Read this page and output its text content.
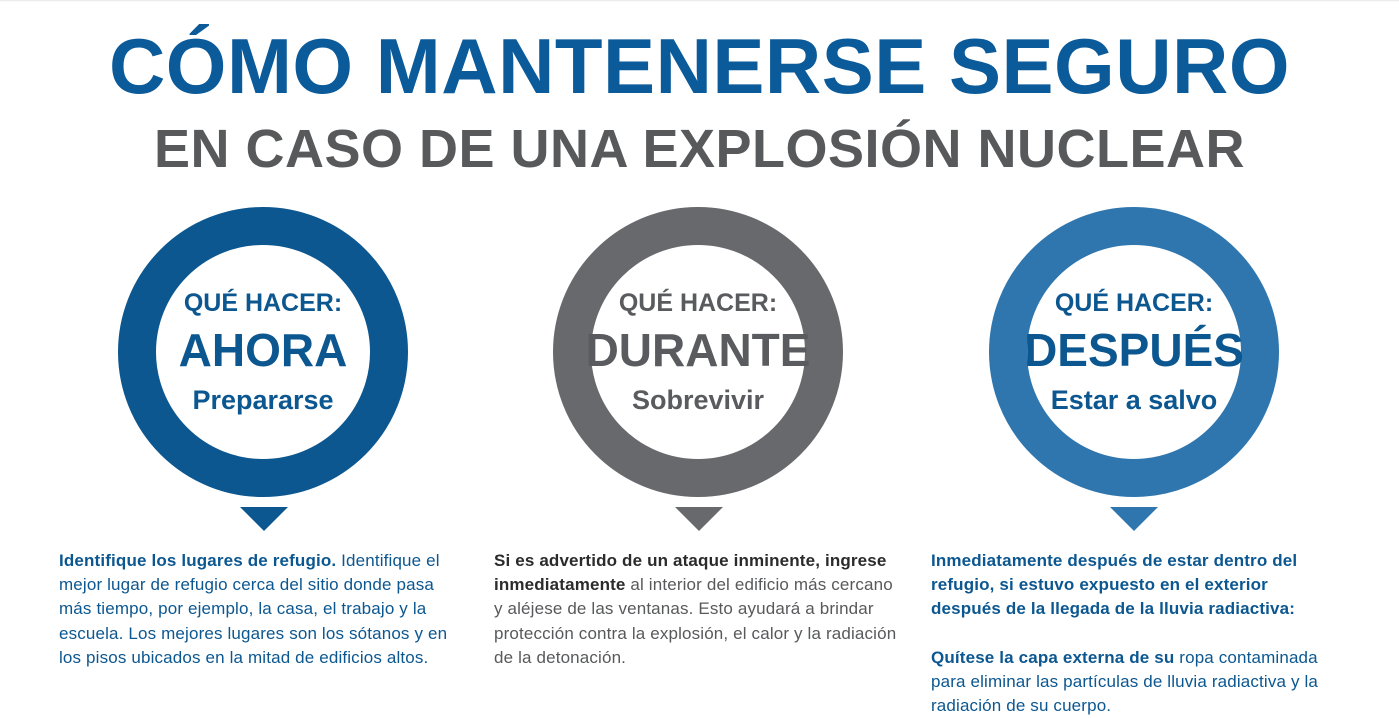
CÓMO MANTENERSE SEGURO
EN CASO DE UNA EXPLOSIÓN NUCLEAR
QUÉ HACER:
AHORA
Prepararse

Identifique los lugares de refugio. Identifique el mejor lugar de refugio cerca del sitio donde pasa más tiempo, por ejemplo, la casa, el trabajo y la escuela. Los mejores lugares son los sótanos y en los pisos ubicados en la mitad de edificios altos.

QUÉ HACER:
DURANTE
Sobrevivir

Si es advertido de un ataque inminente, ingrese inmediatamente al interior del edificio más cercano y aléjese de las ventanas. Esto ayudará a brindar protección contra la explosión, el calor y la radiación de la detonación.

QUÉ HACER:
DESPUÉS
Estar a salvo

Inmediatamente después de estar dentro del refugio, si estuvo expuesto en el exterior después de la llegada de la lluvia radiactiva:

Quítese la capa externa de su ropa contaminada para eliminar las partículas de lluvia radiactiva y la radiación de su cuerpo.
